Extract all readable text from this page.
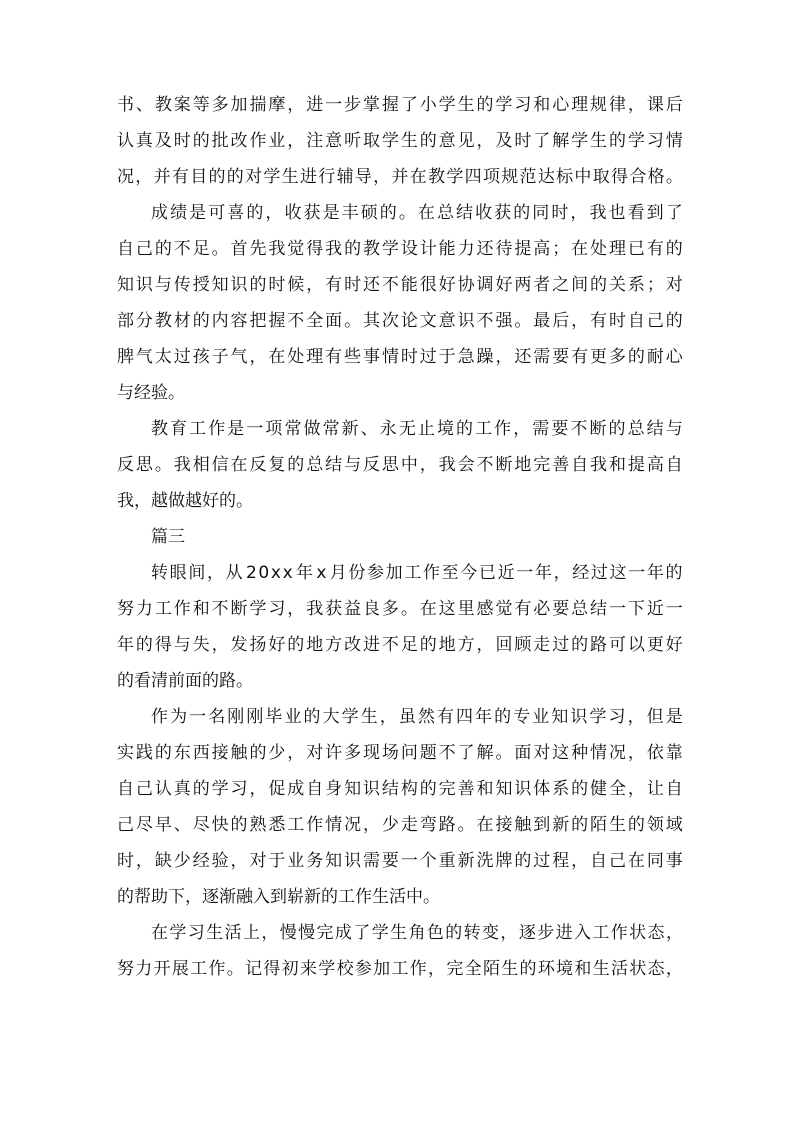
书 、 教 案 等 多 加 揣 摩 ， 进 一 步 掌 握 了 小 学 生 的 学 习 和 心 理 规 律 ， 课 后
认 真 及 时 的 批 改 作 业 ， 注 意 听 取 学 生 的 意 见 ， 及 时 了 解 学 生 的 学 习 情
况 ， 并 有 目 的 的 对 学 生 进 行 辅 导 ， 并 在 教 学 四 项 规 范 达 标 中 取 得 合 格 。
成 绩 是 可 喜 的 ， 收 获 是 丰 硕 的 。 在 总 结 收 获 的 同 时 ， 我 也 看 到 了
自 己 的 不 足 。 首 先 我 觉 得 我 的 教 学 设 计 能 力 还 待 提 高 ； 在 处 理 已 有 的
知 识 与 传 授 知 识 的 时 候 ， 有 时 还 不 能 很 好 协 调 好 两 者 之 间 的 关 系 ； 对
部 分 教 材 的 内 容 把 握 不 全 面 。 其 次 论 文 意 识 不 强 。 最 后 ， 有 时 自 己 的
脾 气 太 过 孩 子 气 ， 在 处 理 有 些 事 情 时 过 于 急 躁 ， 还 需 要 有 更 多 的 耐 心
与经验。
教 育 工 作 是 一 项 常 做 常 新 、 永 无 止 境 的 工 作 ， 需 要 不 断 的 总 结 与
反 思 。 我 相 信 在 反 复 的 总 结 与 反 思 中 ， 我 会 不 断 地 完 善 自 我 和 提 高 自
我，越做越好的。
篇三
转 眼 间 ， 从 2 0 x x 年 x 月 份 参 加 工 作 至 今 已 近 一 年 ， 经 过 这 一 年 的
努 力 工 作 和 不 断 学 习 ， 我 获 益 良 多 。 在 这 里 感 觉 有 必 要 总 结 一 下 近 一
年 的 得 与 失 ， 发 扬 好 的 地 方 改 进 不 足 的 地 方 ， 回 顾 走 过 的 路 可 以 更 好
的看清前面的路。
作 为 一 名 刚 刚 毕 业 的 大 学 生 ， 虽 然 有 四 年 的 专 业 知 识 学 习 ， 但 是
实 践 的 东 西 接 触 的 少 ， 对 许 多 现 场 问 题 不 了 解 。 面 对 这 种 情 况 ， 依 靠
自 己 认 真 的 学 习 ， 促 成 自 身 知 识 结 构 的 完 善 和 知 识 体 系 的 健 全 ， 让 自
己 尽 早 、 尽 快 的 熟 悉 工 作 情 况 ， 少 走 弯 路 。 在 接 触 到 新 的 陌 生 的 领 域
时 ， 缺 少 经 验 ， 对 于 业 务 知 识 需 要 一 个 重 新 洗 牌 的 过 程 ， 自 己 在 同 事
的帮助下，逐渐融入到崭新的工作生活中。
在 学 习 生 活 上 ， 慢 慢 完 成 了 学 生 角 色 的 转 变 ， 逐 步 进 入 工 作 状 态 ，
努 力 开 展 工 作 。 记 得 初 来 学 校 参 加 工 作 ， 完 全 陌 生 的 环 境 和 生 活 状 态 ，
